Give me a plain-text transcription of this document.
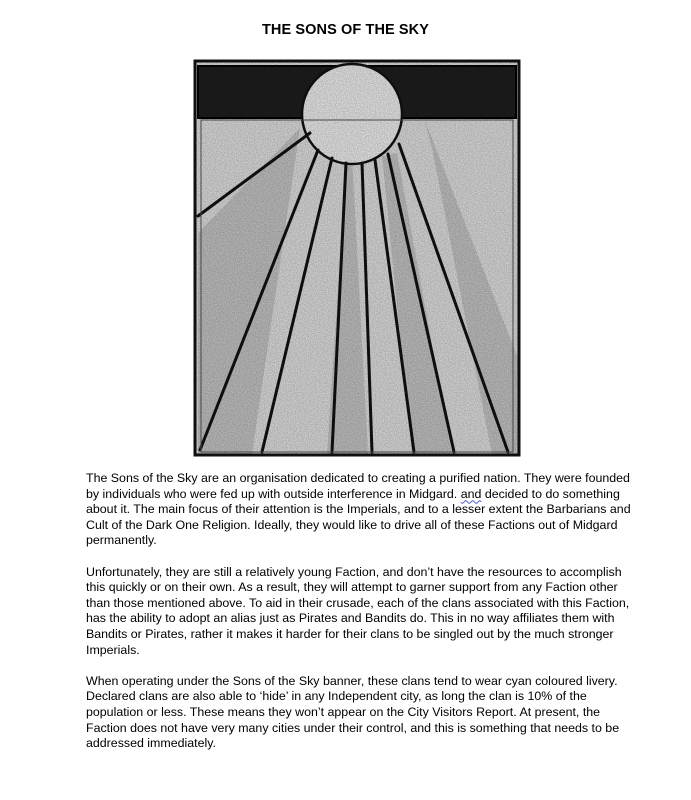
THE SONS OF THE SKY

The Sons of the Sky are an organisation dedicated to creating a purified nation. They were founded by individuals who were fed up with outside interference in Midgard. and decided to do something about it. The main focus of their attention is the Imperials, and to a lesser extent the Barbarians and Cult of the Dark One Religion. Ideally, they would like to drive all of these Factions out of Midgard permanently.

Unfortunately, they are still a relatively young Faction, and don’t have the resources to accomplish this quickly or on their own. As a result, they will attempt to garner support from any Faction other than those mentioned above. To aid in their crusade, each of the clans associated with this Faction, has the ability to adopt an alias just as Pirates and Bandits do. This in no way affiliates them with Bandits or Pirates, rather it makes it harder for their clans to be singled out by the much stronger Imperials.

When operating under the Sons of the Sky banner, these clans tend to wear cyan coloured livery. Declared clans are also able to ‘hide’ in any Independent city, as long the clan is 10% of the population or less. These means they won’t appear on the City Visitors Report. At present, the Faction does not have very many cities under their control, and this is something that needs to be addressed immediately.
